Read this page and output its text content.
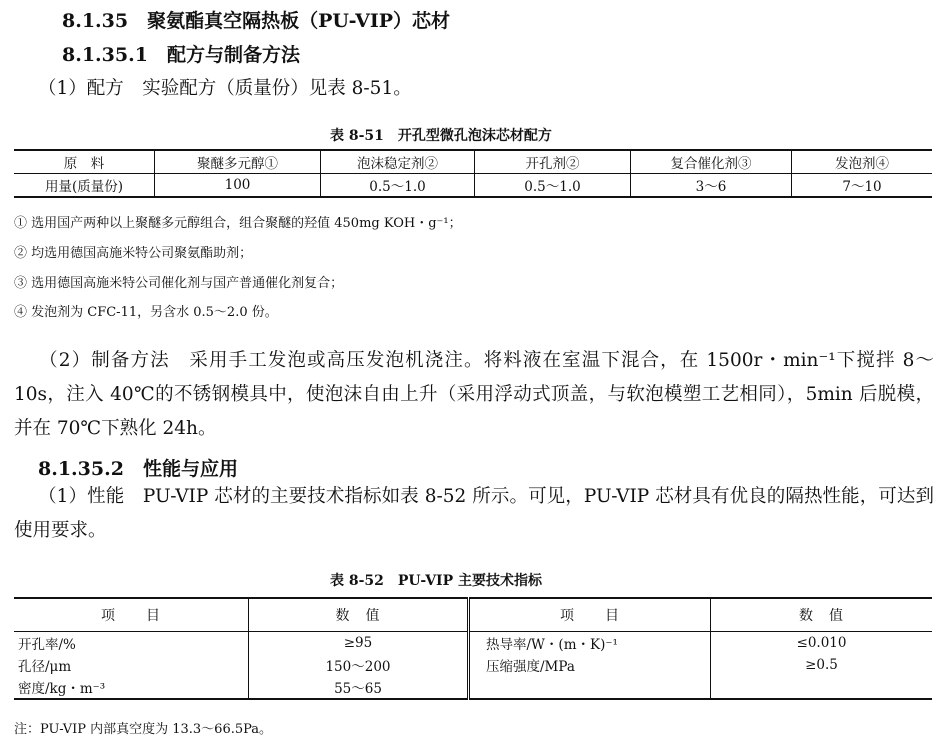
8.1.35　聚氨酯真空隔热板（PU-VIP）芯材
8.1.35.1　配方与制备方法
（1）配方　实验配方（质量份）见表 8-51。
表 8-51　开孔型微孔泡沫芯材配方
原　料	聚醚多元醇①	泡沫稳定剂②	开孔剂②	复合催化剂③	发泡剂④
用量(质量份)	100	0.5～1.0	0.5～1.0	3～6	7～10
① 选用国产两种以上聚醚多元醇组合，组合聚醚的羟值 450mg KOH・g⁻¹；
② 均选用德国高施米特公司聚氨酯助剂；
③ 选用德国高施米特公司催化剂与国产普通催化剂复合；
④ 发泡剂为 CFC-11，另含水 0.5～2.0 份。
（2）制备方法　采用手工发泡或高压发泡机浇注。将料液在室温下混合，在 1500r・min⁻¹下搅拌 8～10s，注入 40℃的不锈钢模具中，使泡沫自由上升（采用浮动式顶盖，与软泡模塑工艺相同），5min 后脱模，并在 70℃下熟化 24h。
8.1.35.2　性能与应用
（1）性能　PU-VIP 芯材的主要技术指标如表 8-52 所示。可见，PU-VIP 芯材具有优良的隔热性能，可达到使用要求。
表 8-52　PU-VIP 主要技术指标
项　　目	数　值	项　　目	数　值
开孔率/%	≥95	热导率/W・(m・K)⁻¹	≤0.010
孔径/μm	150～200	压缩强度/MPa	≥0.5
密度/kg・m⁻³	55～65		
注：PU-VIP 内部真空度为 13.3～66.5Pa。
